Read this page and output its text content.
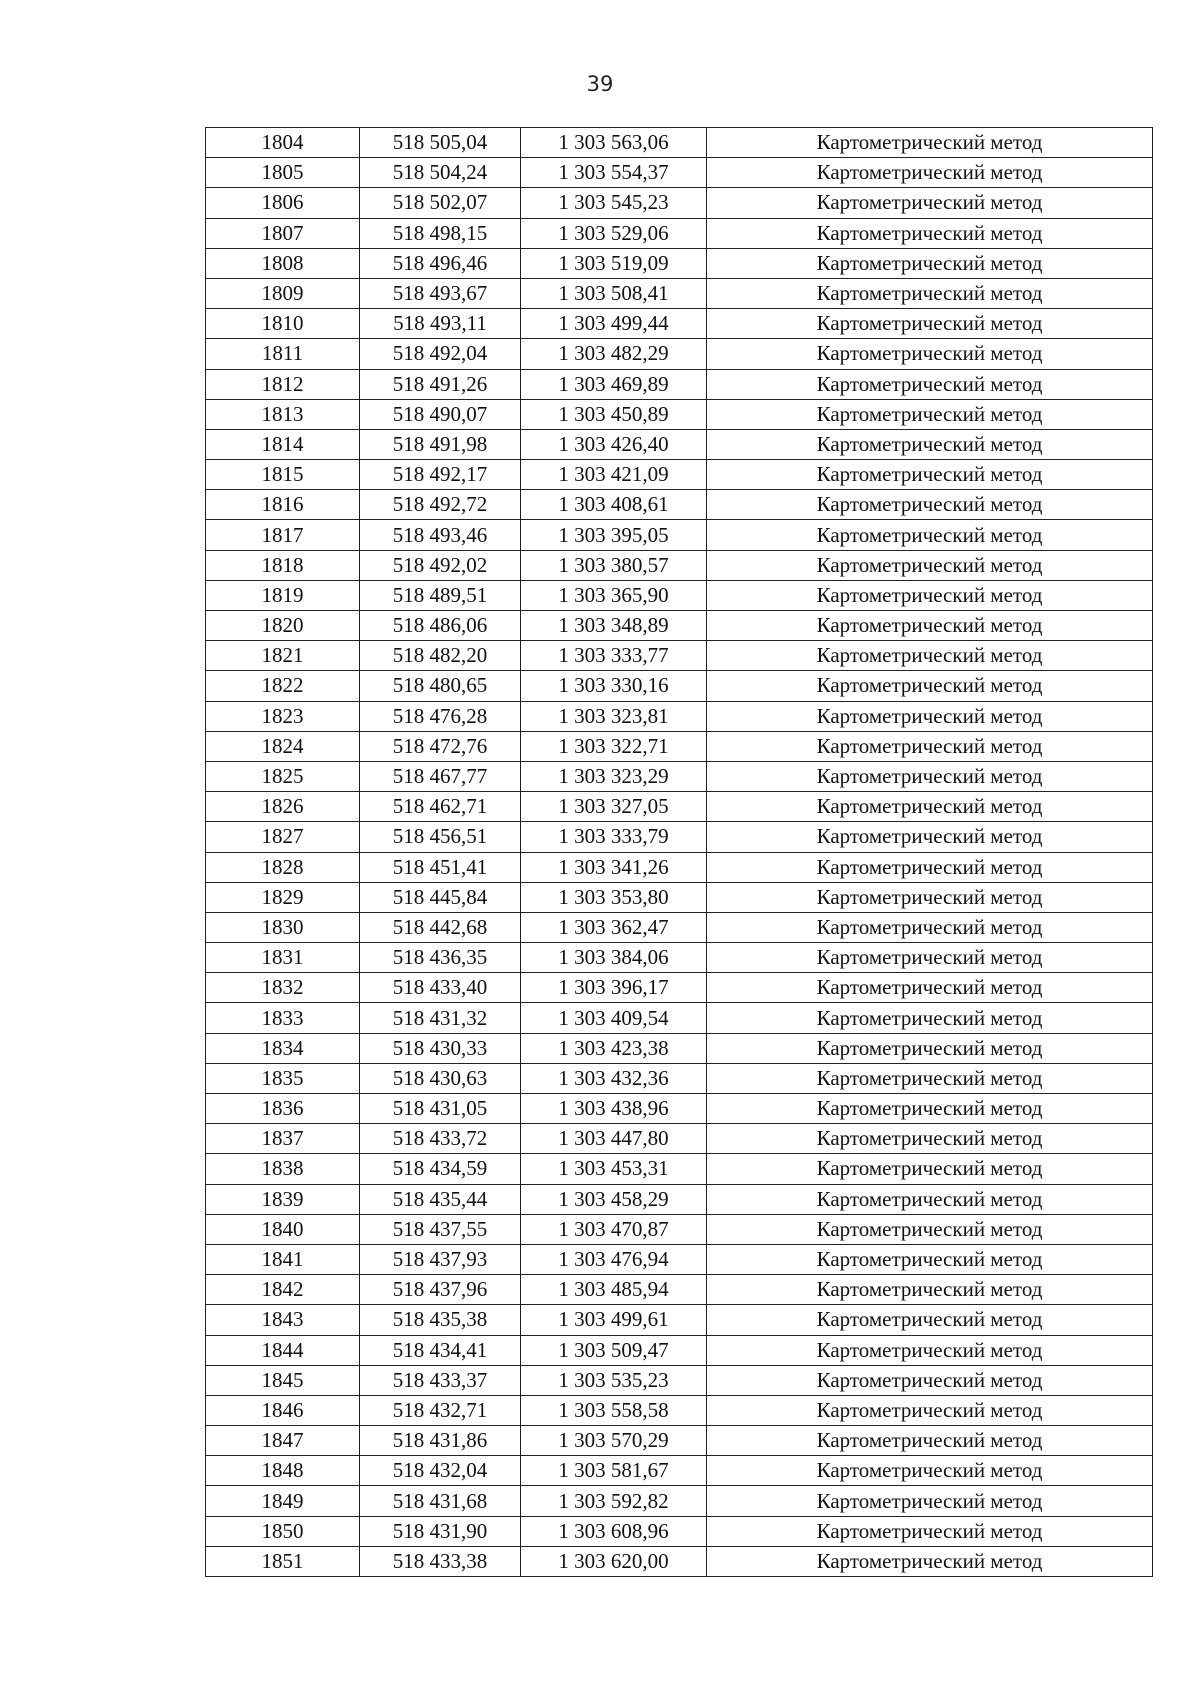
39
1804	518 505,04	1 303 563,06	Картометрический метод
1805	518 504,24	1 303 554,37	Картометрический метод
1806	518 502,07	1 303 545,23	Картометрический метод
1807	518 498,15	1 303 529,06	Картометрический метод
1808	518 496,46	1 303 519,09	Картометрический метод
1809	518 493,67	1 303 508,41	Картометрический метод
1810	518 493,11	1 303 499,44	Картометрический метод
1811	518 492,04	1 303 482,29	Картометрический метод
1812	518 491,26	1 303 469,89	Картометрический метод
1813	518 490,07	1 303 450,89	Картометрический метод
1814	518 491,98	1 303 426,40	Картометрический метод
1815	518 492,17	1 303 421,09	Картометрический метод
1816	518 492,72	1 303 408,61	Картометрический метод
1817	518 493,46	1 303 395,05	Картометрический метод
1818	518 492,02	1 303 380,57	Картометрический метод
1819	518 489,51	1 303 365,90	Картометрический метод
1820	518 486,06	1 303 348,89	Картометрический метод
1821	518 482,20	1 303 333,77	Картометрический метод
1822	518 480,65	1 303 330,16	Картометрический метод
1823	518 476,28	1 303 323,81	Картометрический метод
1824	518 472,76	1 303 322,71	Картометрический метод
1825	518 467,77	1 303 323,29	Картометрический метод
1826	518 462,71	1 303 327,05	Картометрический метод
1827	518 456,51	1 303 333,79	Картометрический метод
1828	518 451,41	1 303 341,26	Картометрический метод
1829	518 445,84	1 303 353,80	Картометрический метод
1830	518 442,68	1 303 362,47	Картометрический метод
1831	518 436,35	1 303 384,06	Картометрический метод
1832	518 433,40	1 303 396,17	Картометрический метод
1833	518 431,32	1 303 409,54	Картометрический метод
1834	518 430,33	1 303 423,38	Картометрический метод
1835	518 430,63	1 303 432,36	Картометрический метод
1836	518 431,05	1 303 438,96	Картометрический метод
1837	518 433,72	1 303 447,80	Картометрический метод
1838	518 434,59	1 303 453,31	Картометрический метод
1839	518 435,44	1 303 458,29	Картометрический метод
1840	518 437,55	1 303 470,87	Картометрический метод
1841	518 437,93	1 303 476,94	Картометрический метод
1842	518 437,96	1 303 485,94	Картометрический метод
1843	518 435,38	1 303 499,61	Картометрический метод
1844	518 434,41	1 303 509,47	Картометрический метод
1845	518 433,37	1 303 535,23	Картометрический метод
1846	518 432,71	1 303 558,58	Картометрический метод
1847	518 431,86	1 303 570,29	Картометрический метод
1848	518 432,04	1 303 581,67	Картометрический метод
1849	518 431,68	1 303 592,82	Картометрический метод
1850	518 431,90	1 303 608,96	Картометрический метод
1851	518 433,38	1 303 620,00	Картометрический метод
